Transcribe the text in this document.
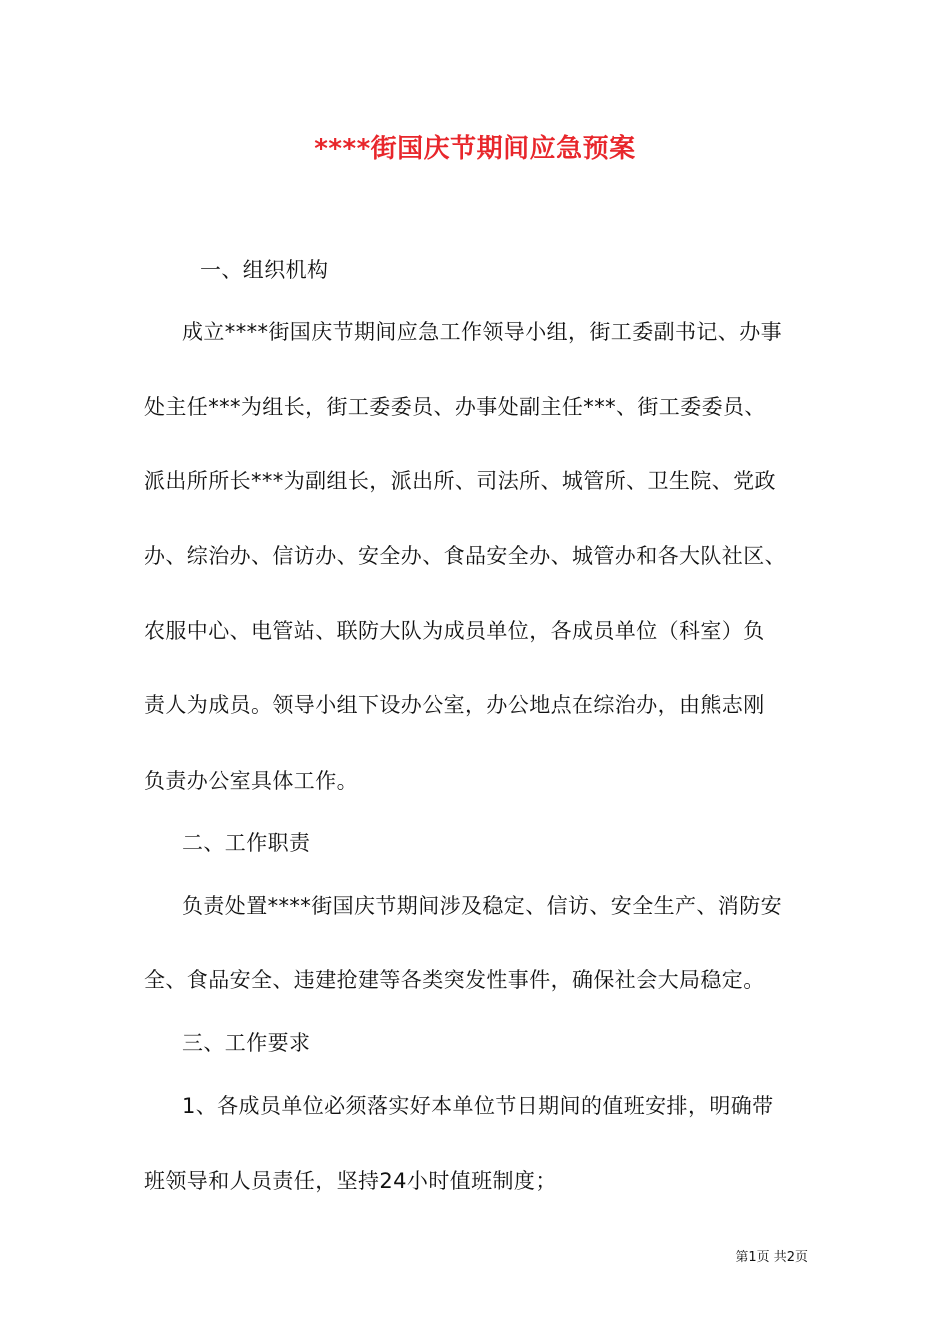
****街国庆节期间应急预案
一、组织机构
成立****街国庆节期间应急工作领导小组，街工委副书记、办事
处主任***为组长，街工委委员、办事处副主任***、街工委委员、
派出所所长***为副组长，派出所、司法所、城管所、卫生院、党政
办、综治办、信访办、安全办、食品安全办、城管办和各大队社区、
农服中心、电管站、联防大队为成员单位，各成员单位（科室）负
责人为成员。领导小组下设办公室，办公地点在综治办，由熊志刚
负责办公室具体工作。
二、工作职责
负责处置****街国庆节期间涉及稳定、信访、安全生产、消防安
全、食品安全、违建抢建等各类突发性事件，确保社会大局稳定。
三、工作要求
1、各成员单位必须落实好本单位节日期间的值班安排，明确带
班领导和人员责任，坚持24小时值班制度；
第1页 共2页
